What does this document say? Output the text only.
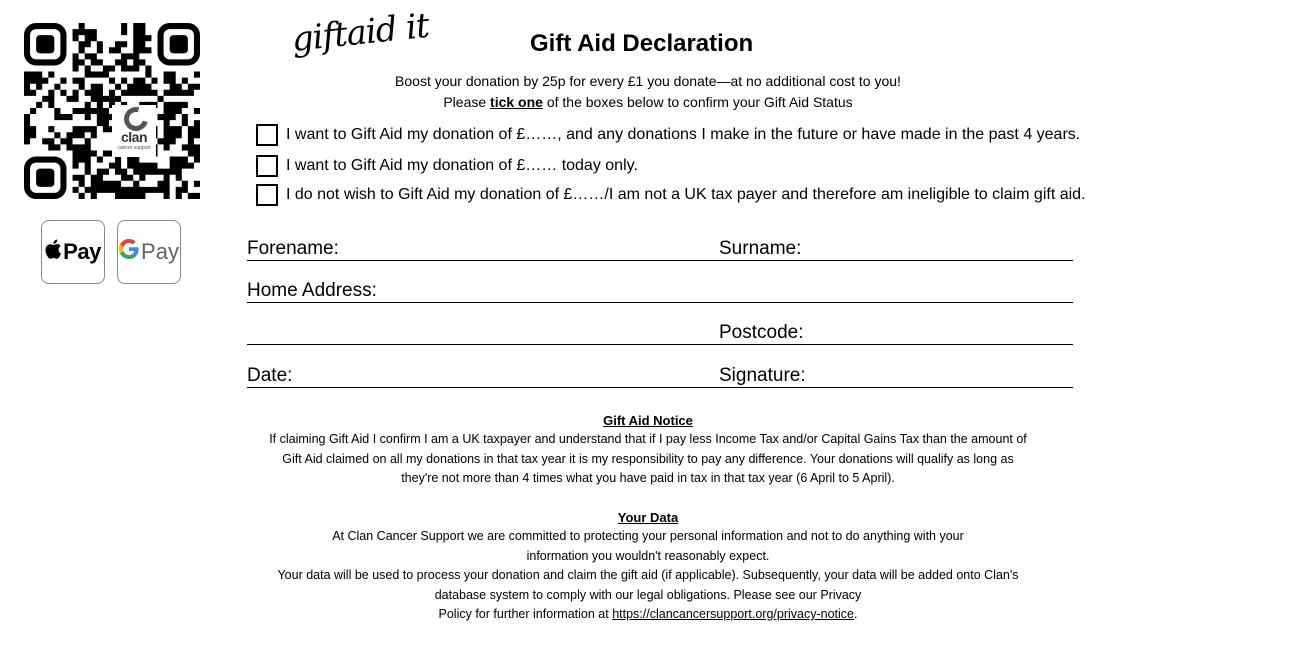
clan
cancer support
Pay Pay
giftaid it	Gift Aid Declaration
Boost your donation by 25p for every £1 you donate—at no additional cost to you!
Please tick one of the boxes below to confirm your Gift Aid Status
I want to Gift Aid my donation of £……, and any donations I make in the future or have made in the past 4 years.
I want to Gift Aid my donation of £…… today only.
I do not wish to Gift Aid my donation of £……/I am not a UK tax payer and therefore am ineligible to claim gift aid.
Forename:	Surname:
Home Address:
Postcode:
Date:	Signature:
Gift Aid Notice
If claiming Gift Aid I confirm I am a UK taxpayer and understand that if I pay less Income Tax and/or Capital Gains Tax than the amount of
Gift Aid claimed on all my donations in that tax year it is my responsibility to pay any difference. Your donations will qualify as long as
they're not more than 4 times what you have paid in tax in that tax year (6 April to 5 April).
Your Data
At Clan Cancer Support we are committed to protecting your personal information and not to do anything with your
information you wouldn't reasonably expect.
Your data will be used to process your donation and claim the gift aid (if applicable). Subsequently, your data will be added onto Clan's
database system to comply with our legal obligations. Please see our Privacy
Policy for further information at https://clancancersupport.org/privacy-notice.
